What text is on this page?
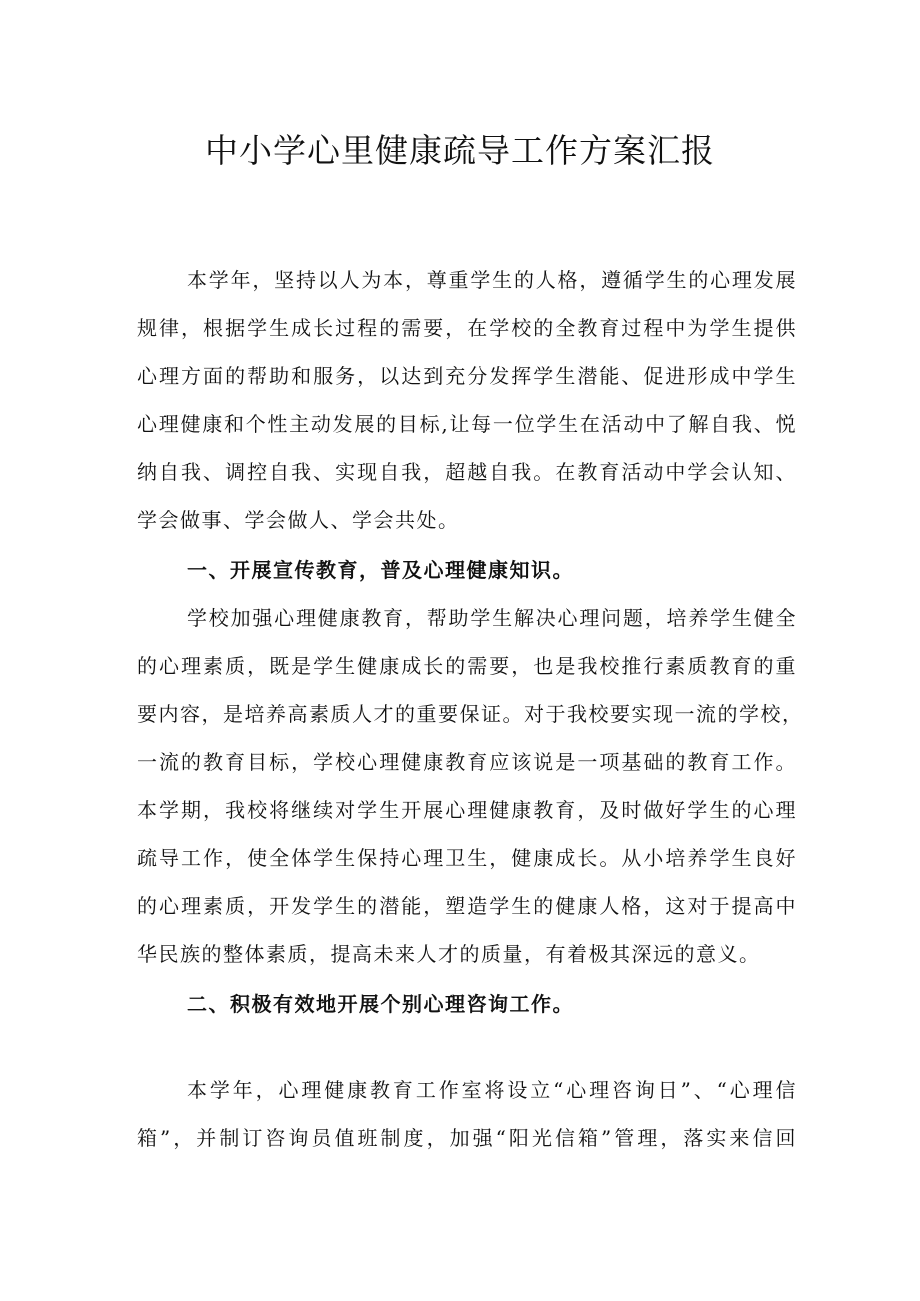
中小学心里健康疏导工作方案汇报
本学年，坚持以人为本，尊重学生的人格，遵循学生的心理发展
规律，根据学生成长过程的需要，在学校的全教育过程中为学生提供
心理方面的帮助和服务，以达到充分发挥学生潜能、促进形成中学生
心理健康和个性主动发展的目标,让每一位学生在活动中了解自我、悦
纳自我、调控自我、实现自我，超越自我。在教育活动中学会认知、
学会做事、学会做人、学会共处。
一、开展宣传教育，普及心理健康知识。
学校加强心理健康教育，帮助学生解决心理问题，培养学生健全
的心理素质，既是学生健康成长的需要，也是我校推行素质教育的重
要内容，是培养高素质人才的重要保证。对于我校要实现一流的学校，
一流的教育目标，学校心理健康教育应该说是一项基础的教育工作。
本学期，我校将继续对学生开展心理健康教育，及时做好学生的心理
疏导工作，使全体学生保持心理卫生，健康成长。从小培养学生良好
的心理素质，开发学生的潜能，塑造学生的健康人格，这对于提高中
华民族的整体素质，提高未来人才的质量，有着极其深远的意义。
二、积极有效地开展个别心理咨询工作。
本学年，心理健康教育工作室将设立“心理咨询日”、“心理信
箱”，并制订咨询员值班制度，加强“阳光信箱”管理，落实来信回
